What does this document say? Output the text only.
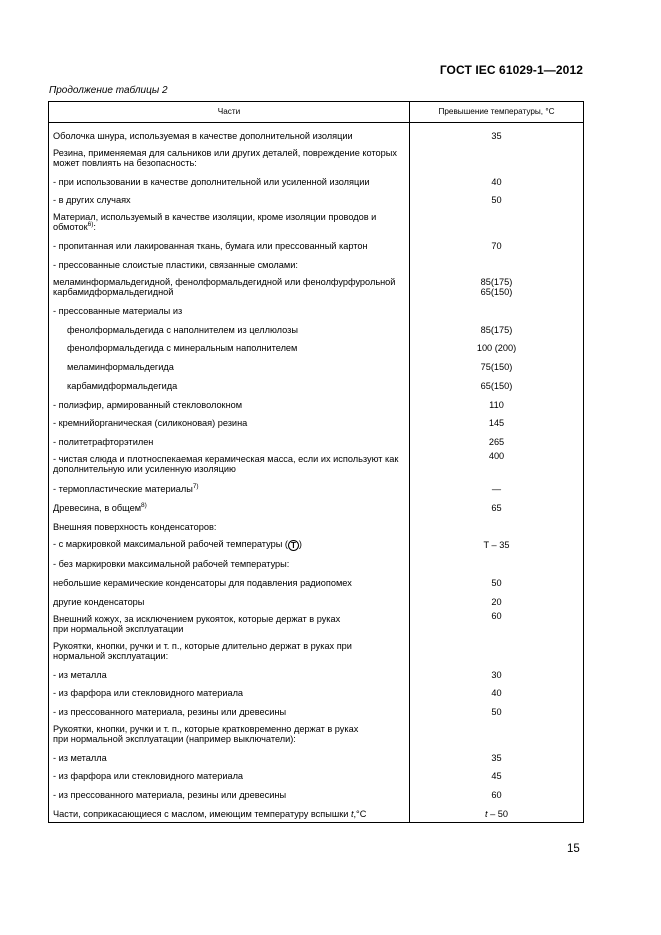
ГОСТ IEC 61029-1—2012
Продолжение таблицы 2
Части	Превышение температуры, °С
Оболочка шнура, используемая в качестве дополнительной изоляции	35
Резина, применяемая для сальников или других деталей, повреждение которых может повлиять на безопасность:	
- при использовании в качестве дополнительной или усиленной изоляции	40
- в других случаях	50
Материал, используемый в качестве изоляции, кроме изоляции проводов и обмоток$^{6)}$:	
- пропитанная или лакированная ткань, бумага или прессованный картон	70
- прессованные слоистые пластики, связанные смолами:	
меламинформальдегидной, фенолформальдегидной или фенолфурфурольной карбамидформальдегидной	85(175)
65(150)
- прессованные материалы из	
фенолформальдегида с наполнителем из целлюлозы	85(175)
фенолформальдегида с минеральным наполнителем	100 (200)
меламинформальдегида	75(150)
карбамидформальдегида	65(150)
- полиэфир, армированный стекловолокном	110
- кремнийорганическая (силиконовая) резина	145
- политетрафторэтилен	265
- чистая слюда и плотноспекаемая керамическая масса, если их используют как дополнительную или усиленную изоляцию	400
- термопластические материалы$^{7)}$	—
Древесина, в общем$^{8)}$	65
Внешняя поверхность конденсаторов:	
- с маркировкой максимальной рабочей температуры ( T )	T – 35
- без маркировки максимальной рабочей температуры:	
небольшие керамические конденсаторы для подавления радиопомех	50
другие конденсаторы	20
Внешний кожух, за исключением рукояток, которые держат в руках
при нормальной эксплуатации	60
Рукоятки, кнопки, ручки и т. п., которые длительно держат в руках при нормальной эксплуатации:	
- из металла	30
- из фарфора или стекловидного материала	40
- из прессованного материала, резины или древесины	50
Рукоятки, кнопки, ручки и т. п., которые кратковременно держат в руках
при нормальной эксплуатации (например выключатели):	
- из металла	35
- из фарфора или стекловидного материала	45
- из прессованного материала, резины или древесины	60
Части, соприкасающиеся с маслом, имеющим температуру вспышки t,°С	t – 50
15
